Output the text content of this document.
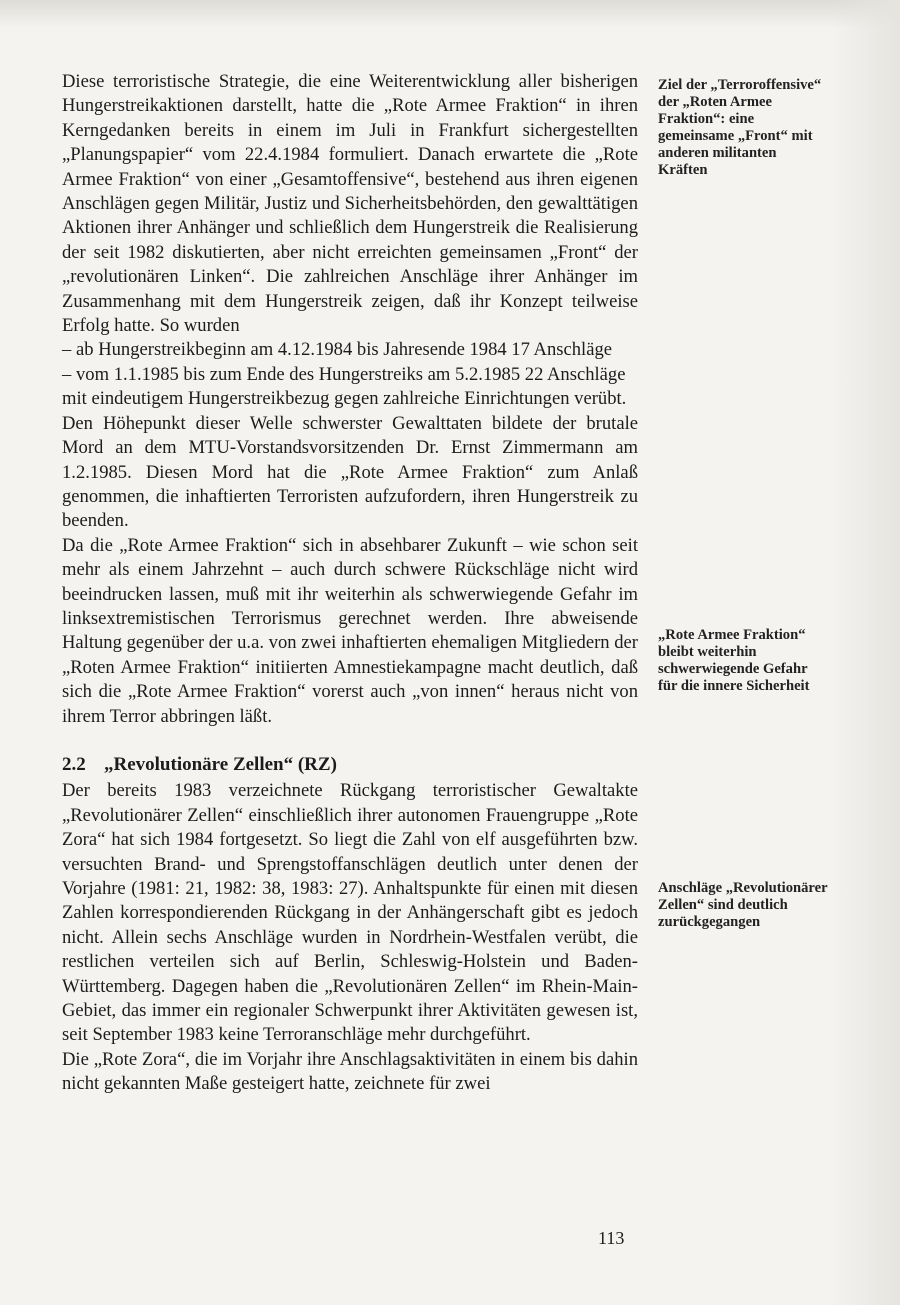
Diese terroristische Strategie, die eine Weiterentwicklung aller bisherigen Hungerstreikaktionen darstellt, hatte die „Rote Armee Fraktion“ in ihren Kerngedanken bereits in einem im Juli in Frankfurt sichergestellten „Planungspapier“ vom 22.4.1984 formuliert. Danach erwartete die „Rote Armee Fraktion“ von einer „Gesamtoffensive“, bestehend aus ihren eigenen Anschlägen gegen Militär, Justiz und Sicherheitsbehörden, den gewalttätigen Aktionen ihrer Anhänger und schließlich dem Hungerstreik die Realisierung der seit 1982 diskutierten, aber nicht erreichten gemeinsamen „Front“ der „revolutionären Linken“. Die zahlreichen Anschläge ihrer Anhänger im Zusammenhang mit dem Hungerstreik zeigen, daß ihr Konzept teilweise Erfolg hatte. So wurden

– ab Hungerstreikbeginn am 4.12.1984 bis Jahresende 1984 17 Anschläge
– vom 1.1.1985 bis zum Ende des Hungerstreiks am 5.2.1985 22 Anschläge

mit eindeutigem Hungerstreikbezug gegen zahlreiche Einrichtungen verübt.

Den Höhepunkt dieser Welle schwerster Gewalttaten bildete der brutale Mord an dem MTU-Vorstandsvorsitzenden Dr. Ernst Zimmermann am 1.2.1985. Diesen Mord hat die „Rote Armee Fraktion“ zum Anlaß genommen, die inhaftierten Terroristen aufzufordern, ihren Hungerstreik zu beenden.

Da die „Rote Armee Fraktion“ sich in absehbarer Zukunft – wie schon seit mehr als einem Jahrzehnt – auch durch schwere Rückschläge nicht wird beeindrucken lassen, muß mit ihr weiterhin als schwerwiegende Gefahr im linksextremistischen Terrorismus gerechnet werden. Ihre abweisende Haltung gegenüber der u.a. von zwei inhaftierten ehemaligen Mitgliedern der „Roten Armee Fraktion“ initiierten Amnestiekampagne macht deutlich, daß sich die „Rote Armee Fraktion“ vorerst auch „von innen“ heraus nicht von ihrem Terror abbringen läßt.

2.2 „Revolutionäre Zellen“ (RZ)

Der bereits 1983 verzeichnete Rückgang terroristischer Gewaltakte „Revolutionärer Zellen“ einschließlich ihrer autonomen Frauengruppe „Rote Zora“ hat sich 1984 fortgesetzt. So liegt die Zahl von elf ausgeführten bzw. versuchten Brand- und Sprengstoffanschlägen deutlich unter denen der Vorjahre (1981: 21, 1982: 38, 1983: 27). Anhaltspunkte für einen mit diesen Zahlen korrespondierenden Rückgang in der Anhängerschaft gibt es jedoch nicht. Allein sechs Anschläge wurden in Nordrhein-Westfalen verübt, die restlichen verteilen sich auf Berlin, Schleswig-Holstein und Baden-Württemberg. Dagegen haben die „Revolutionären Zellen“ im Rhein-Main-Gebiet, das immer ein regionaler Schwerpunkt ihrer Aktivitäten gewesen ist, seit September 1983 keine Terroranschläge mehr durchgeführt.

Die „Rote Zora“, die im Vorjahr ihre Anschlagsaktivitäten in einem bis dahin nicht gekannten Maße gesteigert hatte, zeichnete für zwei

Ziel der „Terroroffensive“ der „Roten Armee Fraktion“: eine gemeinsame „Front“ mit anderen militanten Kräften
„Rote Armee Fraktion“ bleibt weiterhin schwerwiegende Gefahr für die innere Sicherheit
Anschläge „Revolutionärer Zellen“ sind deutlich zurückgegangen
113
